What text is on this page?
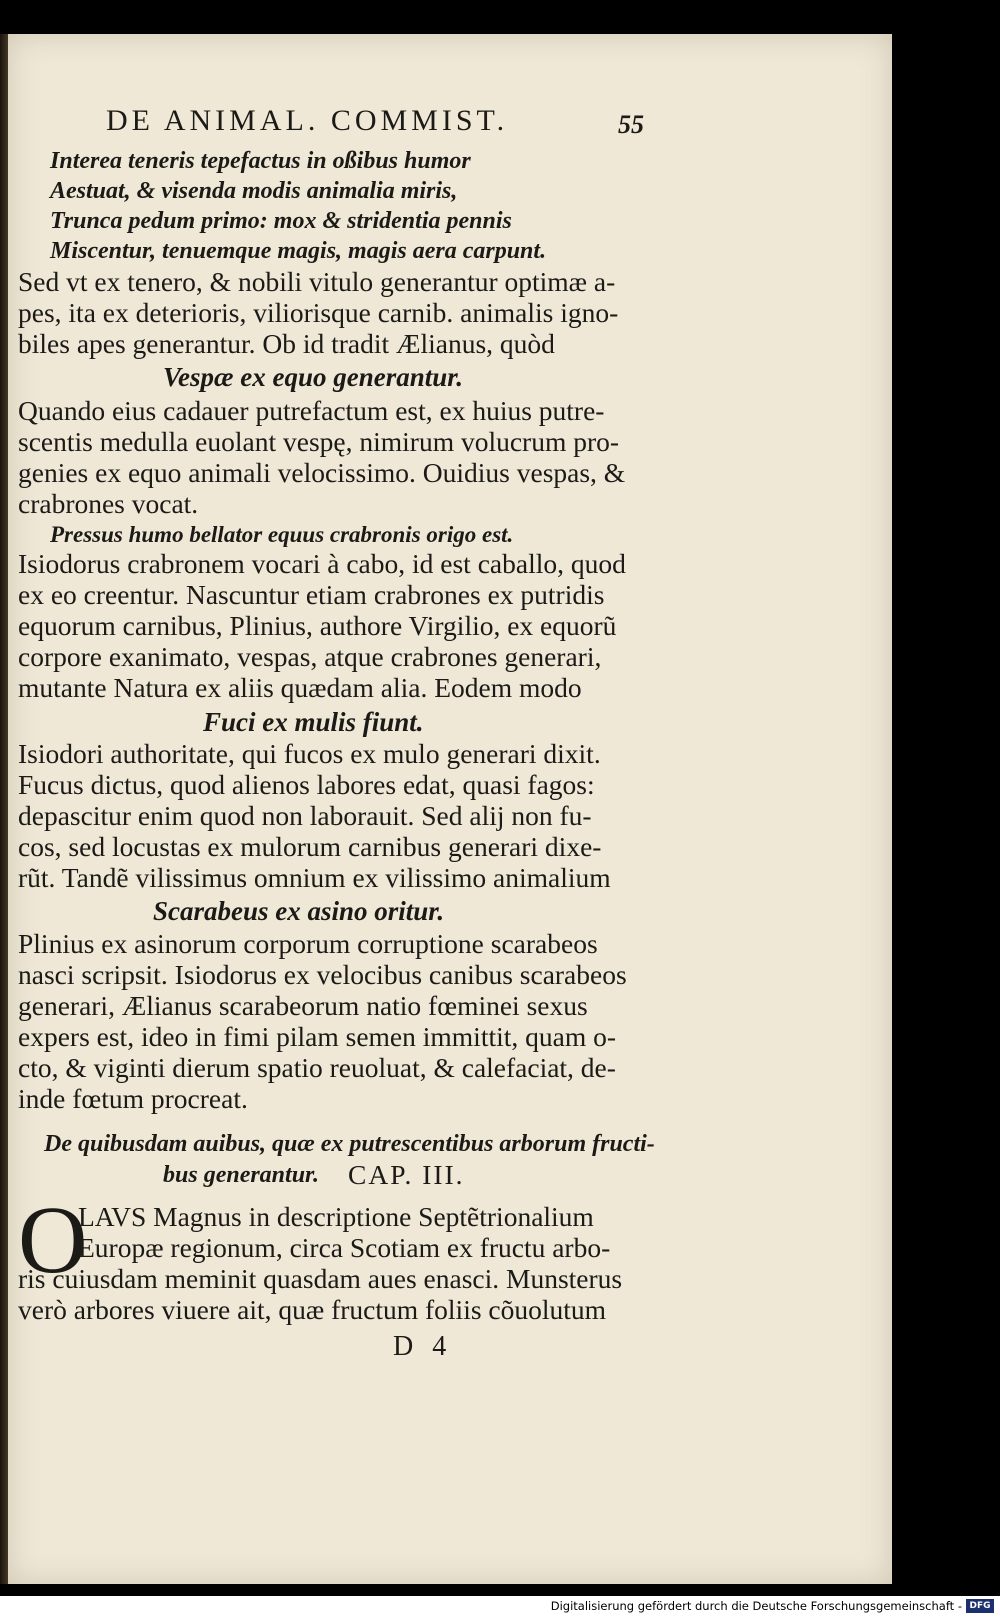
DE ANIMAL. COMMIST.	55
Interea teneris tepefactus in oßibus humor
Aestuat, & visenda modis animalia miris,
Trunca pedum primo: mox & stridentia pennis
Miscentur, tenuemque magis, magis aera carpunt.
Sed vt ex tenero, & nobili vitulo generantur optimæ a-
pes, ita ex deterioris, viliorisque carnib. animalis igno-
biles apes generantur. Ob id tradit Ælianus, quòd
Vespæ ex equo generantur.
Quando eius cadauer putrefactum est, ex huius putre-
scentis medulla euolant vespę, nimirum volucrum pro-
genies ex equo animali velocissimo. Ouidius vespas, &
crabrones vocat.
Pressus humo bellator equus crabronis origo est.
Isiodorus crabronem vocari à cabo, id est caballo, quod
ex eo creentur. Nascuntur etiam crabrones ex putridis
equorum carnibus, Plinius, authore Virgilio, ex equorũ
corpore exanimato, vespas, atque crabrones generari,
mutante Natura ex aliis quædam alia. Eodem modo
Fuci ex mulis fiunt.
Isiodori authoritate, qui fucos ex mulo generari dixit.
Fucus dictus, quod alienos labores edat, quasi fagos:
depascitur enim quod non laborauit. Sed alij non fu-
cos, sed locustas ex mulorum carnibus generari dixe-
rũt. Tandẽ vilissimus omnium ex vilissimo animalium
Scarabeus ex asino oritur.
Plinius ex asinorum corporum corruptione scarabeos
nasci scripsit. Isiodorus ex velocibus canibus scarabeos
generari, Ælianus scarabeorum natio fœminei sexus
expers est, ideo in fimi pilam semen immittit, quam o-
cto, & viginti dierum spatio reuoluat, & calefaciat, de-
inde fœtum procreat.
De quibusdam auibus, quæ ex putrescentibus arborum fructi-
bus generantur. CAP. III.
O
LAVS Magnus in descriptione Septẽtrionalium
Europæ regionum, circa Scotiam ex fructu arbo-
ris cuiusdam meminit quasdam aues enasci. Munsterus
verò arbores viuere ait, quæ fructum foliis cõuolutum
D 4
Digitalisierung gefördert durch die Deutsche Forschungsgemeinschaft - DFG
